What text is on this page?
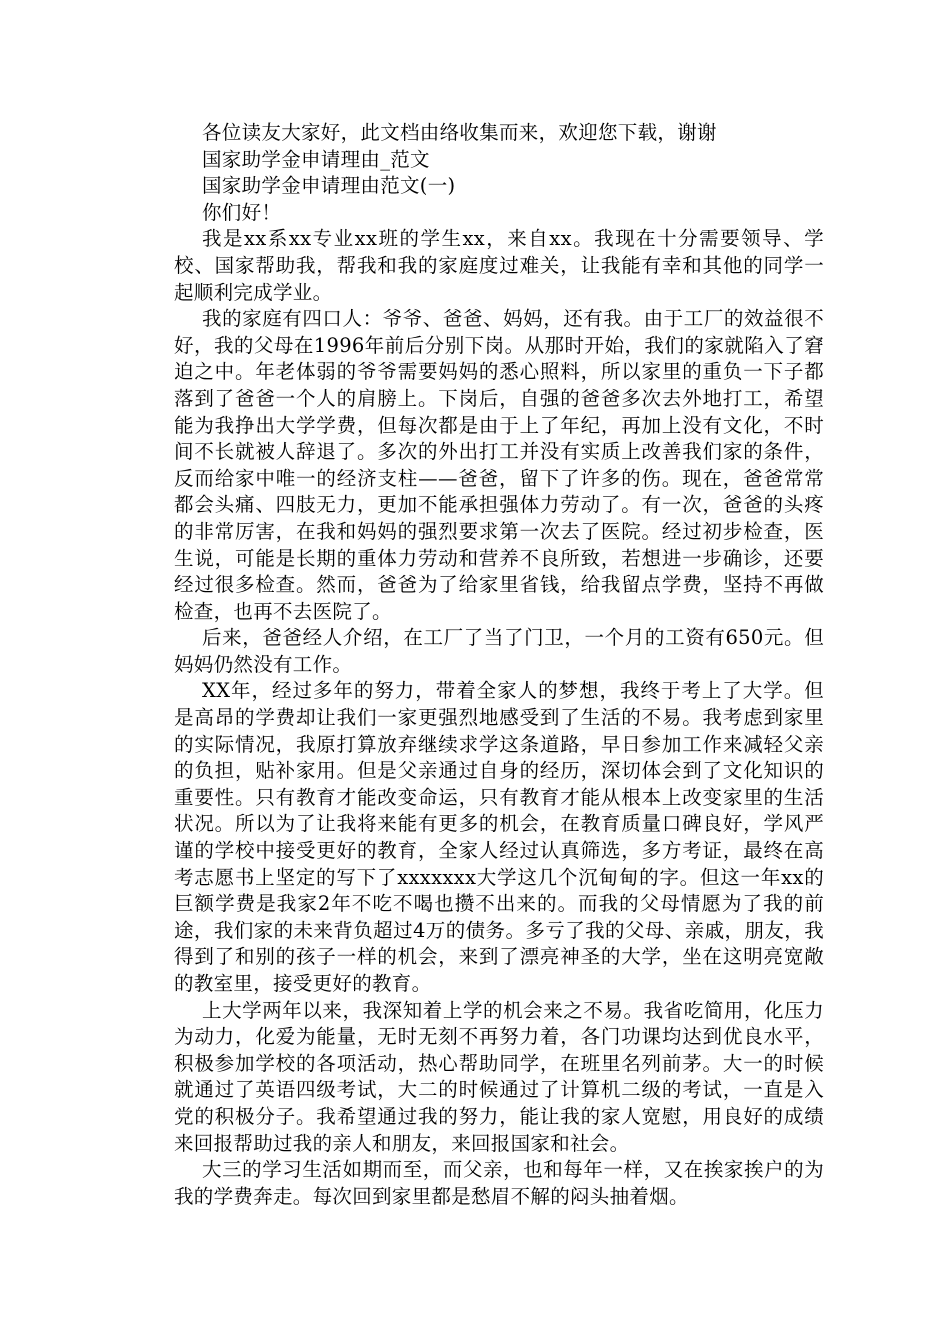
各位读友大家好，此文档由络收集而来，欢迎您下载，谢谢

国家助学金申请理由_范文

国家助学金申请理由范文(一)

你们好！

我是xx系xx专业xx班的学生xx，来自xx。我现在十分需要领导、学校、国家帮助我，帮我和我的家庭度过难关，让我能有幸和其他的同学一起顺利完成学业。

我的家庭有四口人：爷爷、爸爸、妈妈，还有我。由于工厂的效益很不好，我的父母在1996年前后分别下岗。从那时开始，我们的家就陷入了窘迫之中。年老体弱的爷爷需要妈妈的悉心照料，所以家里的重负一下子都落到了爸爸一个人的肩膀上。下岗后，自强的爸爸多次去外地打工，希望能为我挣出大学学费，但每次都是由于上了年纪，再加上没有文化，不时间不长就被人辞退了。多次的外出打工并没有实质上改善我们家的条件，反而给家中唯一的经济支柱——爸爸，留下了许多的伤。现在，爸爸常常都会头痛、四肢无力，更加不能承担强体力劳动了。有一次，爸爸的头疼的非常厉害，在我和妈妈的强烈要求第一次去了医院。经过初步检查，医生说，可能是长期的重体力劳动和营养不良所致，若想进一步确诊，还要经过很多检查。然而，爸爸为了给家里省钱，给我留点学费，坚持不再做检查，也再不去医院了。

后来，爸爸经人介绍，在工厂了当了门卫，一个月的工资有650元。但妈妈仍然没有工作。

XX年，经过多年的努力，带着全家人的梦想，我终于考上了大学。但是高昂的学费却让我们一家更强烈地感受到了生活的不易。我考虑到家里的实际情况，我原打算放弃继续求学这条道路，早日参加工作来减轻父亲的负担，贴补家用。但是父亲通过自身的经历，深切体会到了文化知识的重要性。只有教育才能改变命运，只有教育才能从根本上改变家里的生活状况。所以为了让我将来能有更多的机会，在教育质量口碑良好，学风严谨的学校中接受更好的教育，全家人经过认真筛选，多方考证，最终在高考志愿书上坚定的写下了xxxxxxx大学这几个沉甸甸的字。但这一年xx的巨额学费是我家2年不吃不喝也攒不出来的。而我的父母情愿为了我的前途，我们家的未来背负超过4万的债务。多亏了我的父母、亲戚，朋友，我得到了和别的孩子一样的机会，来到了漂亮神圣的大学，坐在这明亮宽敞的教室里，接受更好的教育。

上大学两年以来，我深知着上学的机会来之不易。我省吃简用，化压力为动力，化爱为能量，无时无刻不再努力着，各门功课均达到优良水平，积极参加学校的各项活动，热心帮助同学，在班里名列前茅。大一的时候就通过了英语四级考试，大二的时候通过了计算机二级的考试，一直是入党的积极分子。我希望通过我的努力，能让我的家人宽慰，用良好的成绩来回报帮助过我的亲人和朋友，来回报国家和社会。

大三的学习生活如期而至，而父亲，也和每年一样，又在挨家挨户的为我的学费奔走。每次回到家里都是愁眉不解的闷头抽着烟。
